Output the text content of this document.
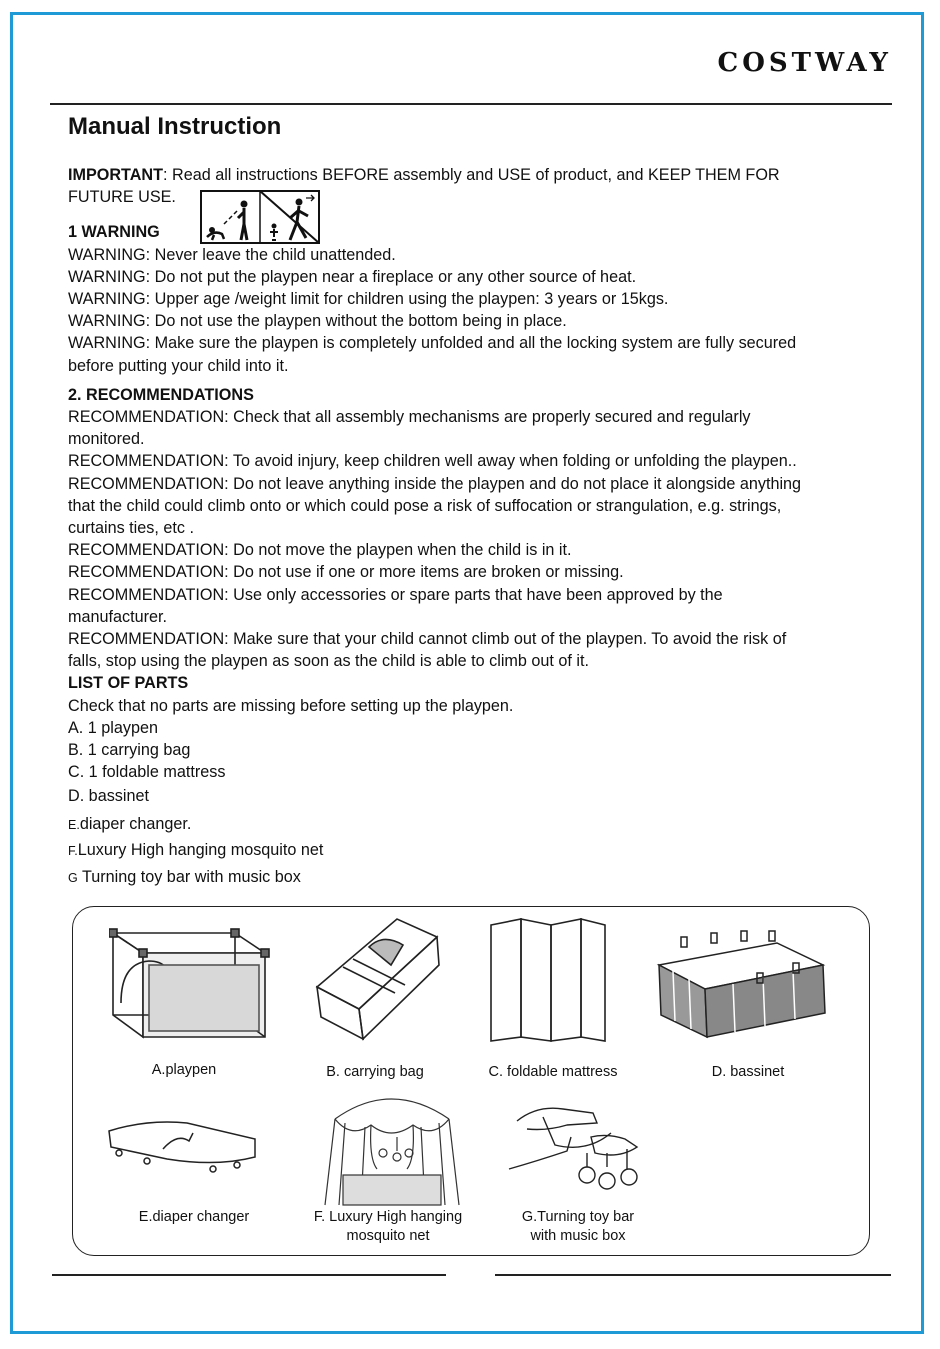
COSTWAY
Manual Instruction

IMPORTANT: Read all instructions BEFORE assembly and USE of product, and KEEP THEM FOR

FUTURE USE.

1 WARNING

WARNING: Never leave the child unattended.

WARNING: Do not put the playpen near a fireplace or any other source of heat.

WARNING: Upper age /weight limit for children using the playpen: 3 years or 15kgs.

WARNING: Do not use the playpen without the bottom being in place.

WARNING: Make sure the playpen is completely unfolded and all the locking system are fully secured

before putting your child into it.

2. RECOMMENDATIONS

RECOMMENDATION: Check that all assembly mechanisms are properly secured and regularly

monitored.

RECOMMENDATION: To avoid injury, keep children well away when folding or unfolding the playpen..

RECOMMENDATION: Do not leave anything inside the playpen and do not place it alongside anything

that the child could climb onto or which could pose a risk of suffocation or strangulation, e.g. strings,

curtains ties, etc .

RECOMMENDATION: Do not move the playpen when the child is in it.

RECOMMENDATION: Do not use if one or more items are broken or missing.

RECOMMENDATION: Use only accessories or spare parts that have been approved by the

manufacturer.

RECOMMENDATION: Make sure that your child cannot climb out of the playpen. To avoid the risk of

falls, stop using the playpen as soon as the child is able to climb out of it.

LIST OF PARTS

Check that no parts are missing before setting up the playpen.

A. 1 playpen

B. 1 carrying bag

C. 1 foldable mattress

D. bassinet

E.diaper changer.

F.Luxury High hanging mosquito net

G Turning toy bar with music box

A.playpen	B. carrying bag	C. foldable mattress	D. bassinet
E.diaper changer	F. Luxury High hanging
mosquito net
G.Turning toy bar
with music box
